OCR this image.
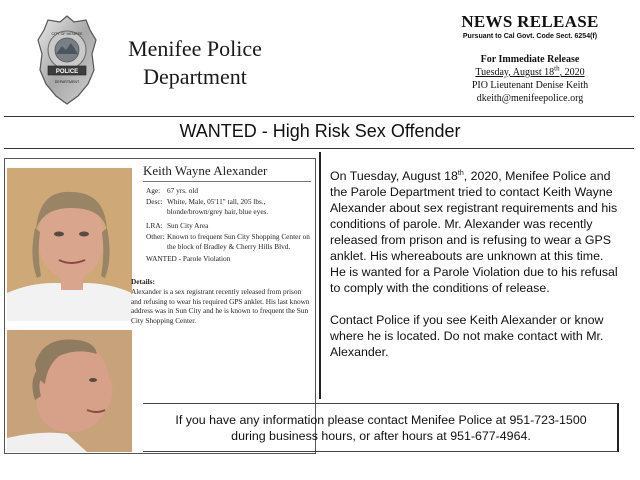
POLICE
CITY OF MENIFEE
DEPARTMENT
Menifee Police
Department
NEWS RELEASE
Pursuant to Cal Govt. Code Sect. 6254(f)
For Immediate Release
Tuesday, August 18th, 2020
PIO Lieutenant Denise Keith
dkeith@menifeepolice.org
WANTED - High Risk Sex Offender
Keith Wayne Alexander
Age: 67 yrs. old
Desc: White, Male, 05'11" tall, 205 lbs., blonde/brown/grey hair, blue eyes.
LRA: Sun City Area
Other: Known to frequent Sun City Shopping Center on the block of Bradley & Cherry Hills Blvd.
WANTED - Parole Violation
Details:
Alexander is a sex registrant recently released from prison and refusing to wear his required GPS anklet. His last known address was in Sun City and he is known to frequent the Sun City Shopping Center.

On Tuesday, August 18th, 2020, Menifee Police and the Parole Department tried to contact Keith Wayne Alexander about sex registrant requirements and his conditions of parole. Mr. Alexander was recently released from prison and is refusing to wear a GPS anklet. His whereabouts are unknown at this time. He is wanted for a Parole Violation due to his refusal to comply with the conditions of release.

Contact Police if you see Keith Alexander or know where he is located. Do not make contact with Mr. Alexander.

If you have any information please contact Menifee Police at 951-723-1500
during business hours, or after hours at 951-677-4964.
